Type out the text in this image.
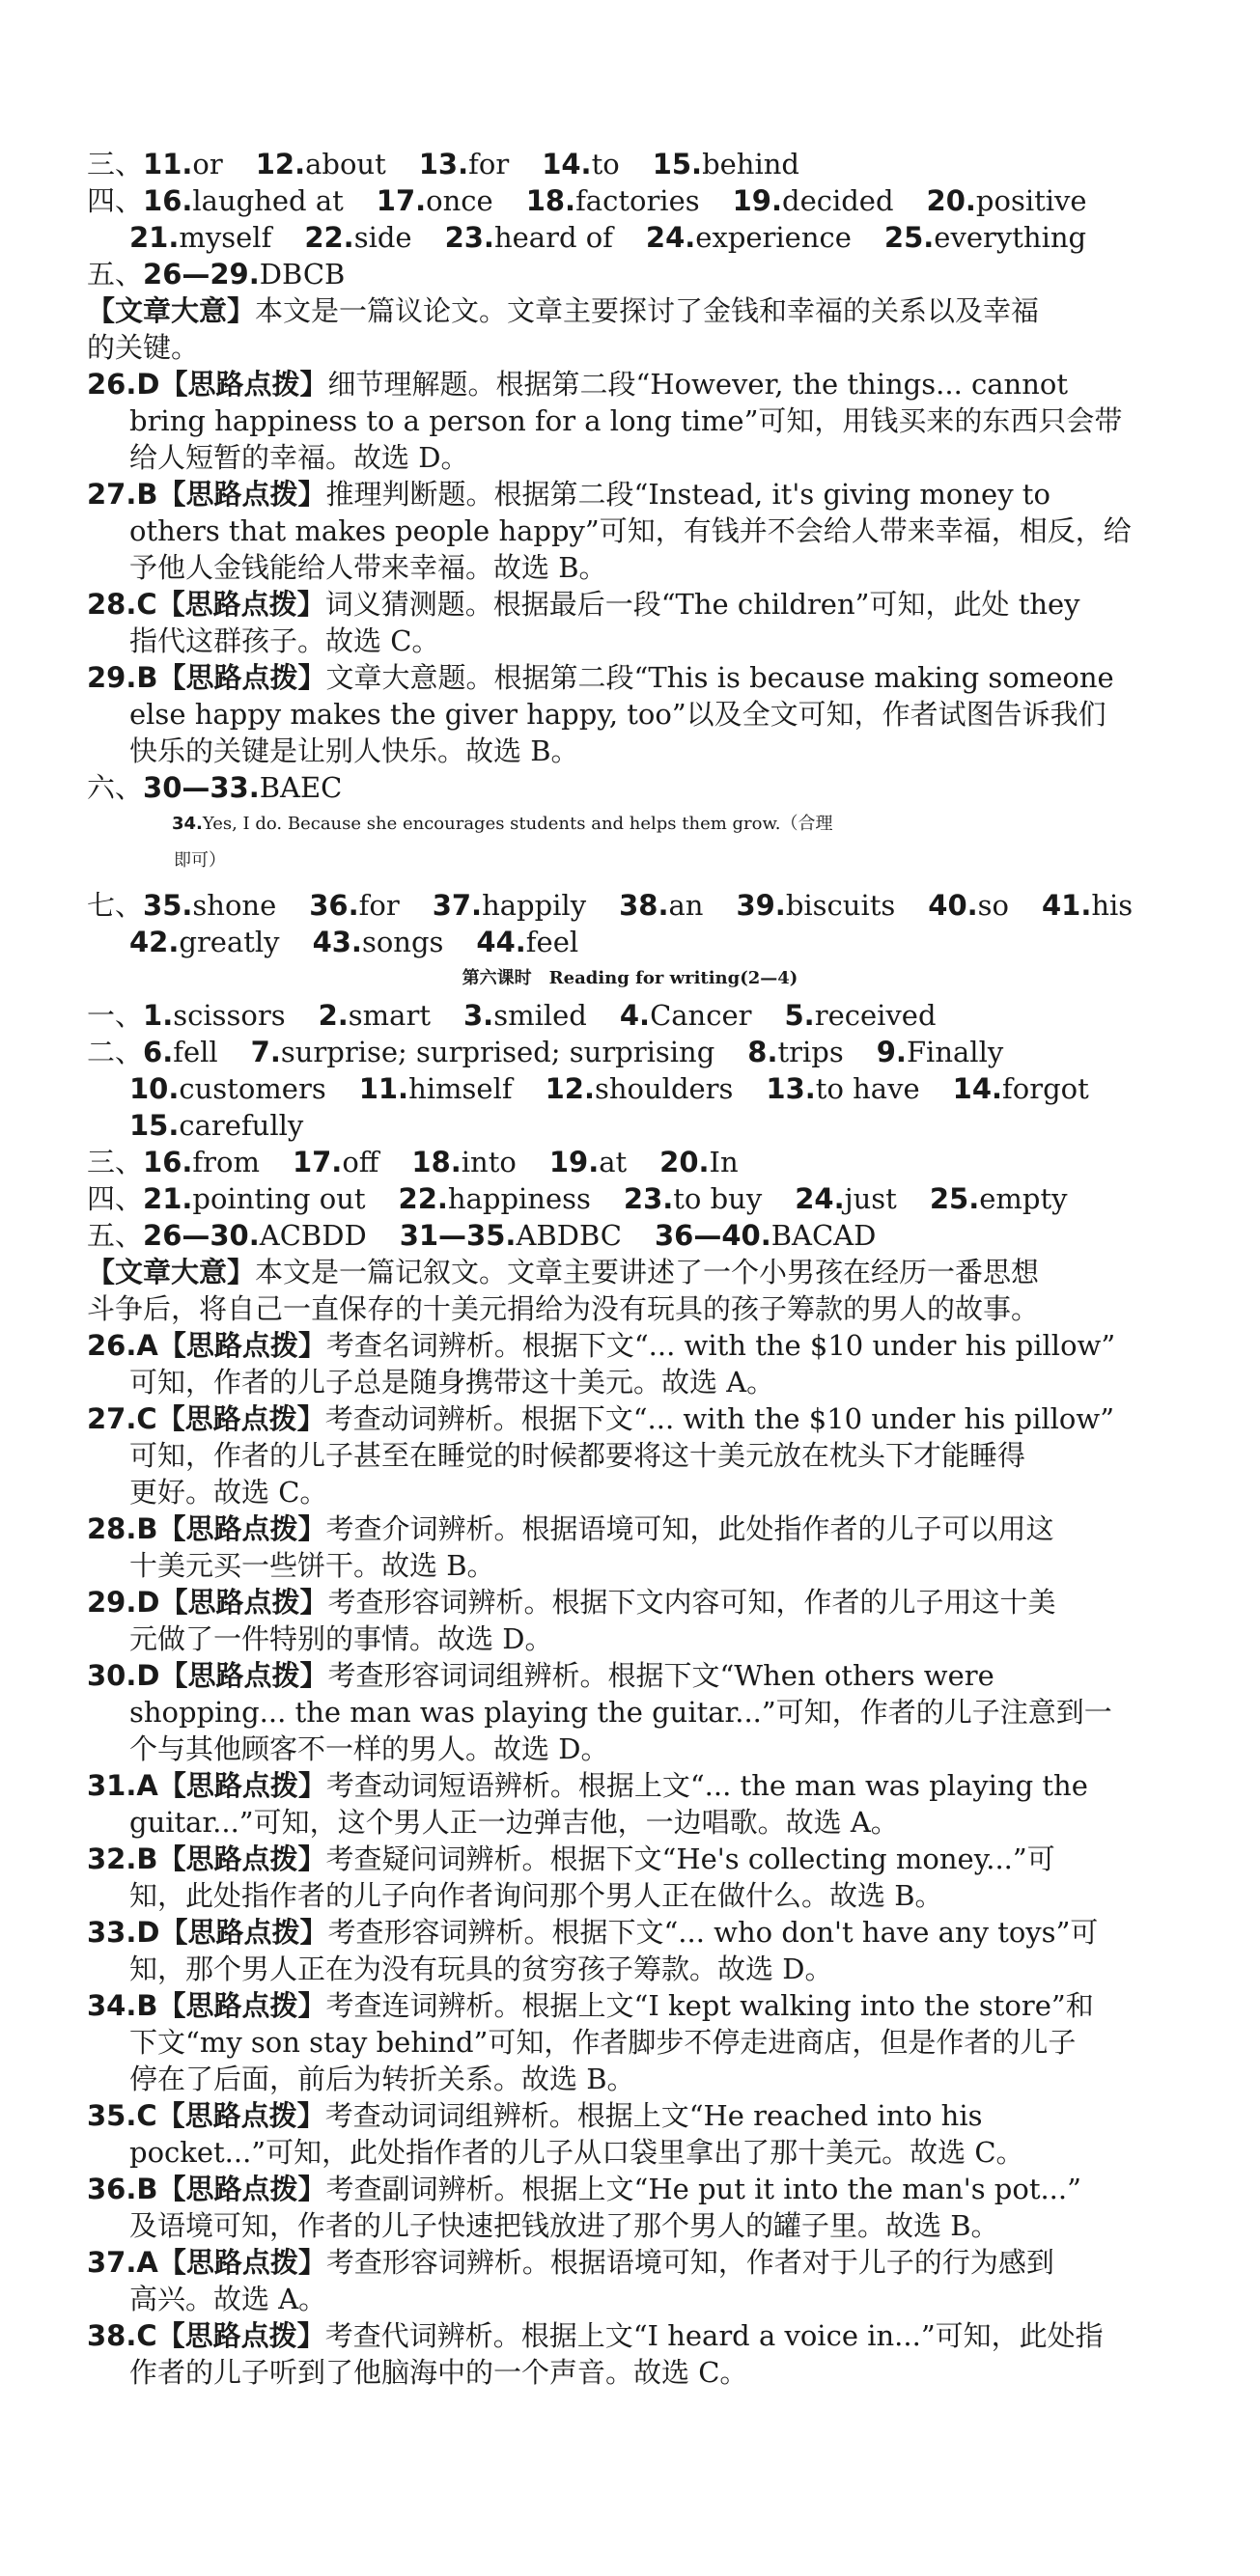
三、11.or 12.about 13.for 14.to 15.behind
四、16.laughed at 17.once 18.factories 19.decided 20.positive
21.myself 22.side 23.heard of 24.experience 25.everything
五、26—29.DBCB
【文章大意】本文是一篇议论文。文章主要探讨了金钱和幸福的关系以及幸福
的关键。
26.D【思路点拨】细节理解题。根据第二段“However, the things... cannot
bring happiness to a person for a long time”可知，用钱买来的东西只会带
给人短暂的幸福。故选 D。
27.B【思路点拨】推理判断题。根据第二段“Instead, it's giving money to
others that makes people happy”可知，有钱并不会给人带来幸福，相反，给
予他人金钱能给人带来幸福。故选 B。
28.C【思路点拨】词义猜测题。根据最后一段“The children”可知，此处 they
指代这群孩子。故选 C。
29.B【思路点拨】文章大意题。根据第二段“This is because making someone
else happy makes the giver happy, too”以及全文可知，作者试图告诉我们
快乐的关键是让别人快乐。故选 B。
六、30—33.BAEC
34.Yes, I do. Because she encourages students and helps them grow.（合理
即可）
七、35.shone 36.for 37.happily 38.an 39.biscuits 40.so 41.his
42.greatly 43.songs 44.feel
第六课时　Reading for writing(2—4)
一、1.scissors 2.smart 3.smiled 4.Cancer 5.received
二、6.fell 7.surprise; surprised; surprising 8.trips 9.Finally
10.customers 11.himself 12.shoulders 13.to have 14.forgot
15.carefully
三、16.from 17.off 18.into 19.at 20.In
四、21.pointing out 22.happiness 23.to buy 24.just 25.empty
五、26—30.ACBDD 31—35.ABDBC 36—40.BACAD
【文章大意】本文是一篇记叙文。文章主要讲述了一个小男孩在经历一番思想
斗争后，将自己一直保存的十美元捐给为没有玩具的孩子筹款的男人的故事。
26.A【思路点拨】考查名词辨析。根据下文“... with the $10 under his pillow”
可知，作者的儿子总是随身携带这十美元。故选 A。
27.C【思路点拨】考查动词辨析。根据下文“... with the $10 under his pillow”
可知，作者的儿子甚至在睡觉的时候都要将这十美元放在枕头下才能睡得
更好。故选 C。
28.B【思路点拨】考查介词辨析。根据语境可知，此处指作者的儿子可以用这
十美元买一些饼干。故选 B。
29.D【思路点拨】考查形容词辨析。根据下文内容可知，作者的儿子用这十美
元做了一件特别的事情。故选 D。
30.D【思路点拨】考查形容词词组辨析。根据下文“When others were
shopping... the man was playing the guitar...”可知，作者的儿子注意到一
个与其他顾客不一样的男人。故选 D。
31.A【思路点拨】考查动词短语辨析。根据上文“... the man was playing the
guitar...”可知，这个男人正一边弹吉他，一边唱歌。故选 A。
32.B【思路点拨】考查疑问词辨析。根据下文“He's collecting money...”可
知，此处指作者的儿子向作者询问那个男人正在做什么。故选 B。
33.D【思路点拨】考查形容词辨析。根据下文“... who don't have any toys”可
知，那个男人正在为没有玩具的贫穷孩子筹款。故选 D。
34.B【思路点拨】考查连词辨析。根据上文“I kept walking into the store”和
下文“my son stay behind”可知，作者脚步不停走进商店，但是作者的儿子
停在了后面，前后为转折关系。故选 B。
35.C【思路点拨】考查动词词组辨析。根据上文“He reached into his
pocket...”可知，此处指作者的儿子从口袋里拿出了那十美元。故选 C。
36.B【思路点拨】考查副词辨析。根据上文“He put it into the man's pot...”
及语境可知，作者的儿子快速把钱放进了那个男人的罐子里。故选 B。
37.A【思路点拨】考查形容词辨析。根据语境可知，作者对于儿子的行为感到
高兴。故选 A。
38.C【思路点拨】考查代词辨析。根据上文“I heard a voice in...”可知，此处指
作者的儿子听到了他脑海中的一个声音。故选 C。
